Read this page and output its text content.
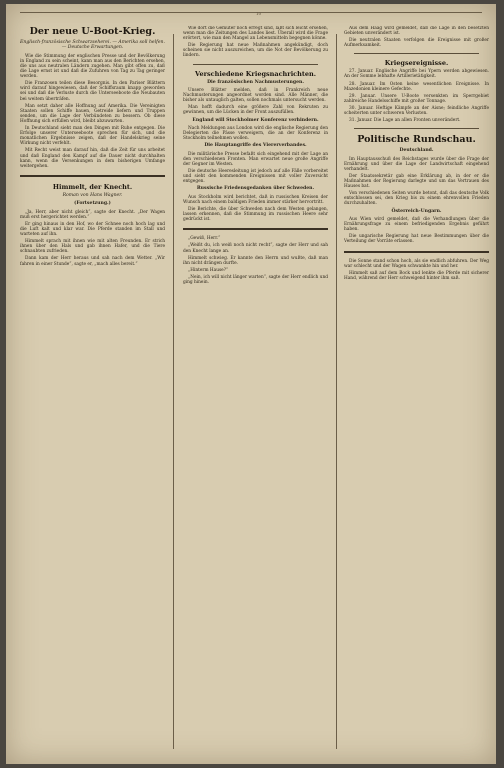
10
Der neue U-Boot-Krieg.
Englisch-französische Schwarzseherei. — Amerika soll helfen. — Deutsche Erwartungen.

Wie die Stimmung der englischen Presse und der Bevölkerung in England zu sein scheint, kann man aus den Berichten ersehen, die uns aus neutralen Ländern zugehen. Man gibt offen zu, daß die Lage ernst ist und daß die Zufuhren von Tag zu Tag geringer werden.

Die Franzosen teilen diese Besorgnis. In den Pariser Blättern wird darauf hingewiesen, daß der Schiffsraum knapp geworden sei und daß die Verluste durch die Unterseeboote die Neubauten bei weitem überträfen.

Man setzt daher alle Hoffnung auf Amerika. Die Vereinigten Staaten sollen Schiffe bauen, Getreide liefern und Truppen senden, um die Lage der Verbündeten zu bessern. Ob diese Hoffnung sich erfüllen wird, bleibt abzuwarten.

In Deutschland sieht man den Dingen mit Ruhe entgegen. Die Erfolge unserer Unterseeboote sprechen für sich, und die monatlichen Ergebnisse zeigen, daß der Handelskrieg seine Wirkung nicht verfehlt.

Mit Recht weist man darauf hin, daß die Zeit für uns arbeitet und daß England den Kampf auf die Dauer nicht durchhalten kann, wenn die Versenkungen in dem bisherigen Umfange weitergehen.

Himmelt, der Knecht.
Roman von Hans Wagner.
(Fortsetzung.)

„Ja, Herr, aber nicht gleich“, sagte der Knecht. „Der Wagen muß erst hergerichtet werden.“

Er ging hinaus in den Hof, wo der Schnee noch hoch lag und die Luft kalt und klar war. Die Pferde standen im Stall und warteten auf ihn.

Himmelt sprach mit ihnen wie mit alten Freunden. Er strich ihnen über den Hals und gab ihnen Hafer, und die Tiere schnaubten zufrieden.

Dann kam der Herr heraus und sah nach dem Wetter. „Wir fahren in einer Stunde“, sagte er, „mach alles bereit.“

Wie dort die Gemüter noch erregt sind, läßt sich leicht ersehen, wenn man die Zeitungen des Landes liest. Überall wird die Frage erörtert, wie man den Mangel an Lebensmitteln begegnen könne.

Die Regierung hat neue Maßnahmen angekündigt, doch scheinen sie nicht auszureichen, um die Not der Bevölkerung zu lindern.

Verschiedene Kriegsnachrichten.
Die französischen Nachmusterungen.

Unsere Blätter melden, daß in Frankreich neue Nachmusterungen angeordnet worden sind. Alle Männer, die bisher als untauglich galten, sollen nochmals untersucht werden.

Man hofft dadurch eine größere Zahl von Rekruten zu gewinnen, um die Lücken in der Front auszufüllen.

England will Stockholmer Konferenz verhindern.

Nach Meldungen aus London wird die englische Regierung den Delegierten die Pässe verweigern, die an der Konferenz in Stockholm teilnehmen wollen.

Die Hauptangriffe des Viererverbandes.

Die militärische Presse befaßt sich eingehend mit der Lage an den verschiedenen Fronten. Man erwartet neue große Angriffe der Gegner im Westen.

Die deutsche Heeresleitung ist jedoch auf alle Fälle vorbereitet und sieht den kommenden Ereignissen mit voller Zuversicht entgegen.

Russische Friedensgedanken über Schweden.

Aus Stockholm wird berichtet, daß in russischen Kreisen der Wunsch nach einem baldigen Frieden immer stärker hervortritt.

Die Berichte, die über Schweden nach dem Westen gelangen, lassen erkennen, daß die Stimmung im russischen Heere sehr gedrückt ist.

„Gewiß, Herr.“

„Weißt du, ich weiß noch nicht recht“, sagte der Herr und sah den Knecht lange an.

Himmelt schwieg. Er kannte den Herrn und wußte, daß man ihn nicht drängen durfte.

„Hinterm Hause?“

„Nein, ich will nicht länger warten“, sagte der Herr endlich und ging hinein.

Aus dem Haag wird gemeldet, daß die Lage in den besetzten Gebieten unverändert ist.

Die neutralen Staaten verfolgen die Ereignisse mit großer Aufmerksamkeit.

Kriegsereignisse.

27. Januar. Englische Angriffe bei Ypern werden abgewiesen. An der Somme lebhafte Artillerietätigkeit.

28. Januar. Im Osten keine wesentlichen Ereignisse. In Mazedonien kleinere Gefechte.

29. Januar. Unsere U-Boote versenkten im Sperrgebiet zahlreiche Handelsschiffe mit großer Tonnage.

30. Januar. Heftige Kämpfe an der Aisne; feindliche Angriffe scheiterten unter schweren Verlusten.

31. Januar. Die Lage an allen Fronten unverändert.

Politische Rundschau.
Deutschland.

Im Hauptausschuß des Reichstages wurde über die Frage der Ernährung und über die Lage der Landwirtschaft eingehend verhandelt.

Der Staatssekretär gab eine Erklärung ab, in der er die Maßnahmen der Regierung darlegte und um das Vertrauen des Hauses bat.

Von verschiedenen Seiten wurde betont, daß das deutsche Volk entschlossen sei, den Krieg bis zu einem ehrenvollen Frieden durchzuhalten.

Österreich-Ungarn.

Aus Wien wird gemeldet, daß die Verhandlungen über die Ernährungsfrage zu einem befriedigenden Ergebnis geführt haben.

Die ungarische Regierung hat neue Bestimmungen über die Verteilung der Vorräte erlassen.

Die Sonne stand schon hoch, als sie endlich abfuhren. Der Weg war schlecht und der Wagen schwankte hin und her.

Himmelt saß auf dem Bock und lenkte die Pferde mit sicherer Hand, während der Herr schweigend hinter ihm saß.
